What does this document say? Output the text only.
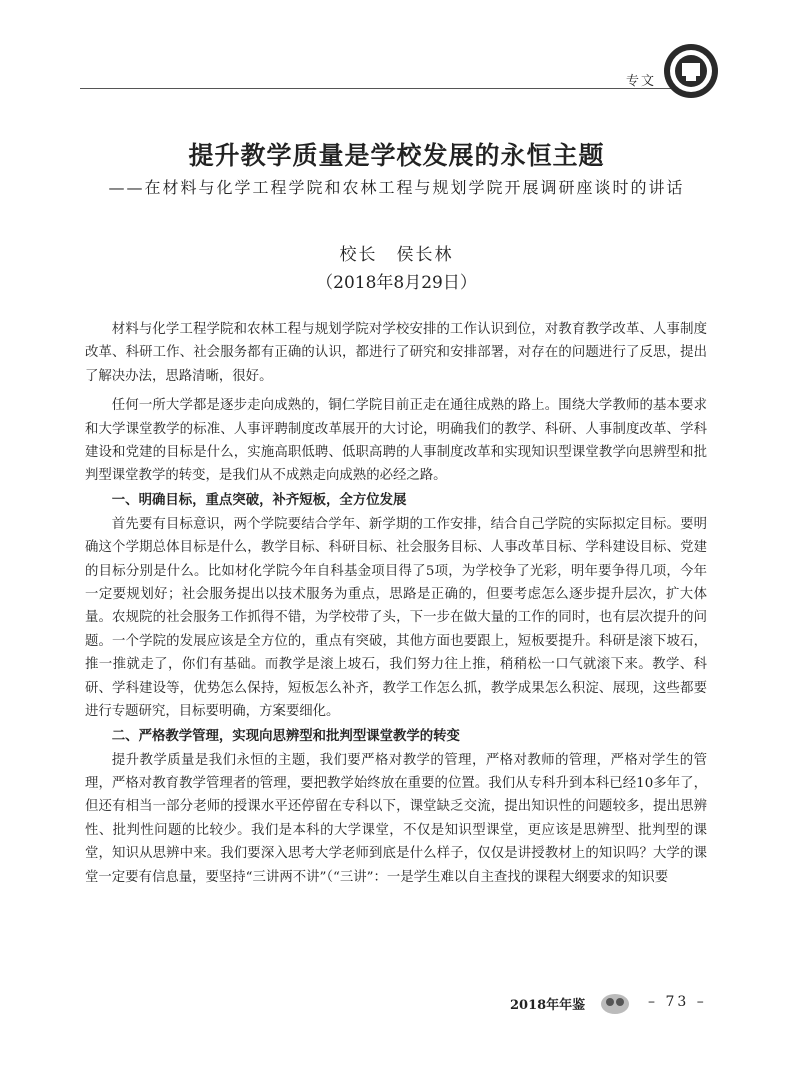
专文
提升教学质量是学校发展的永恒主题
——在材料与化学工程学院和农林工程与规划学院开展调研座谈时的讲话
校长　侯长林
（2018年8月29日）

材料与化学工程学院和农林工程与规划学院对学校安排的工作认识到位，对教育教学改革、人事制度改革、科研工作、社会服务都有正确的认识，都进行了研究和安排部署，对存在的问题进行了反思，提出了解决办法，思路清晰，很好。

任何一所大学都是逐步走向成熟的，铜仁学院目前正走在通往成熟的路上。围绕大学教师的基本要求和大学课堂教学的标准、人事评聘制度改革展开的大讨论，明确我们的教学、科研、人事制度改革、学科建设和党建的目标是什么，实施高职低聘、低职高聘的人事制度改革和实现知识型课堂教学向思辨型和批判型课堂教学的转变，是我们从不成熟走向成熟的必经之路。

一、明确目标，重点突破，补齐短板，全方位发展

首先要有目标意识，两个学院要结合学年、新学期的工作安排，结合自己学院的实际拟定目标。要明确这个学期总体目标是什么，教学目标、科研目标、社会服务目标、人事改革目标、学科建设目标、党建的目标分别是什么。比如材化学院今年自科基金项目得了5项，为学校争了光彩，明年要争得几项，今年一定要规划好；社会服务提出以技术服务为重点，思路是正确的，但要考虑怎么逐步提升层次，扩大体量。农规院的社会服务工作抓得不错，为学校带了头，下一步在做大量的工作的同时，也有层次提升的问题。一个学院的发展应该是全方位的，重点有突破，其他方面也要跟上，短板要提升。科研是滚下坡石，推一推就走了，你们有基础。而教学是滚上坡石，我们努力往上推，稍稍松一口气就滚下来。教学、科研、学科建设等，优势怎么保持，短板怎么补齐，教学工作怎么抓，教学成果怎么积淀、展现，这些都要进行专题研究，目标要明确，方案要细化。

二、严格教学管理，实现向思辨型和批判型课堂教学的转变

提升教学质量是我们永恒的主题，我们要严格对教学的管理，严格对教师的管理，严格对学生的管理，严格对教育教学管理者的管理，要把教学始终放在重要的位置。我们从专科升到本科已经10多年了，但还有相当一部分老师的授课水平还停留在专科以下，课堂缺乏交流，提出知识性的问题较多，提出思辨性、批判性问题的比较少。我们是本科的大学课堂，不仅是知识型课堂，更应该是思辨型、批判型的课堂，知识从思辨中来。我们要深入思考大学老师到底是什么样子，仅仅是讲授教材上的知识吗？大学的课堂一定要有信息量，要坚持“三讲两不讲”（“三讲”：一是学生难以自主查找的课程大纲要求的知识要

2018年年鉴	– 73 –
